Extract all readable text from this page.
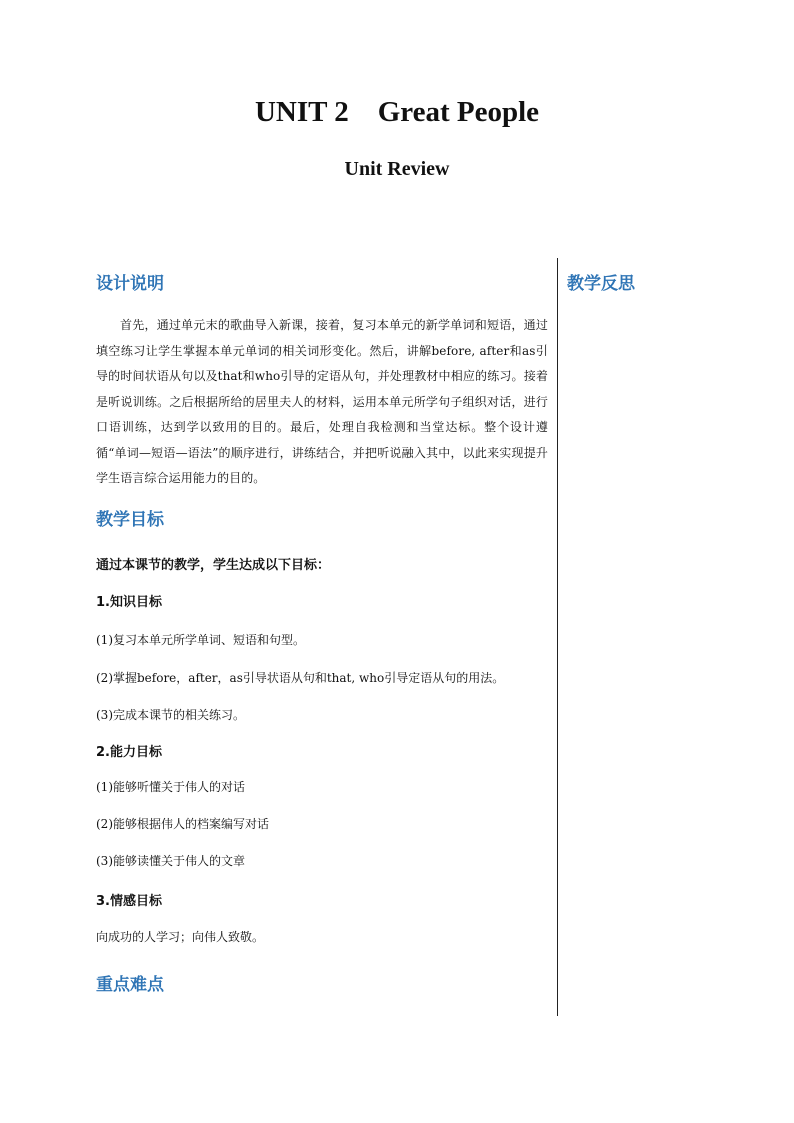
UNIT 2    Great People
Unit Review
设计说明	教学反思
首先，通过单元末的歌曲导入新课，接着，复习本单元的新学单词和短语，通过填空练习让学生掌握本单元单词的相关词形变化。然后，讲解before, after和as引导的时间状语从句以及that和who引导的定语从句，并处理教材中相应的练习。接着是听说训练。之后根据所给的居里夫人的材料，运用本单元所学句子组织对话，进行口语训练，达到学以致用的目的。最后，处理自我检测和当堂达标。整个设计遵循“单词—短语—语法”的顺序进行，讲练结合，并把听说融入其中，以此来实现提升学生语言综合运用能力的目的。
教学目标
通过本课节的教学，学生达成以下目标：
1.知识目标
(1)复习本单元所学单词、短语和句型。
(2)掌握before，after，as引导状语从句和that, who引导定语从句的用法。
(3)完成本课节的相关练习。
2.能力目标
(1)能够听懂关于伟人的对话
(2)能够根据伟人的档案编写对话
(3)能够读懂关于伟人的文章
3.情感目标
向成功的人学习；向伟人致敬。
重点难点
